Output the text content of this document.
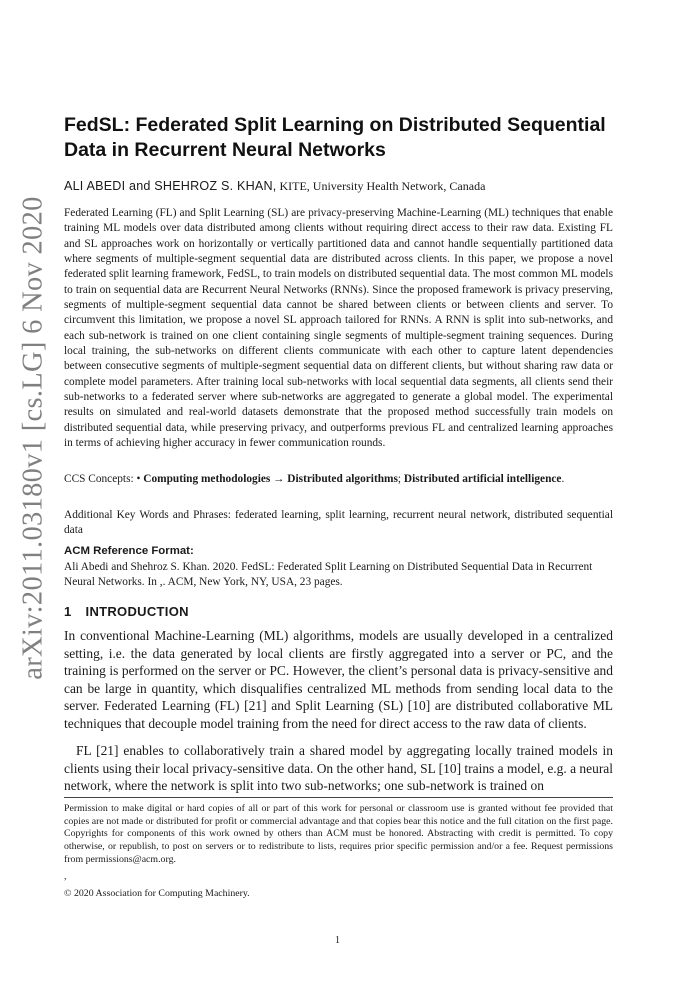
arXiv:2011.03180v1 [cs.LG] 6 Nov 2020
FedSL: Federated Split Learning on Distributed Sequential Data in Recurrent Neural Networks
ALI ABEDI and SHEHROZ S. KHAN, KITE, University Health Network, Canada

Federated Learning (FL) and Split Learning (SL) are privacy-preserving Machine-Learning (ML) techniques that enable training ML models over data distributed among clients without requiring direct access to their raw data. Existing FL and SL approaches work on horizontally or vertically partitioned data and cannot handle sequentially partitioned data where segments of multiple-segment sequential data are distributed across clients. In this paper, we propose a novel federated split learning framework, FedSL, to train models on distributed sequential data. The most common ML models to train on sequential data are Recurrent Neural Networks (RNNs). Since the proposed framework is privacy preserving, segments of multiple-segment sequential data cannot be shared between clients or between clients and server. To circumvent this limitation, we propose a novel SL approach tailored for RNNs. A RNN is split into sub-networks, and each sub-network is trained on one client containing single segments of multiple-segment training sequences. During local training, the sub-networks on different clients communicate with each other to capture latent dependencies between consecutive segments of multiple-segment sequential data on different clients, but without sharing raw data or complete model parameters. After training local sub-networks with local sequential data segments, all clients send their sub-networks to a federated server where sub-networks are aggregated to generate a global model. The experimental results on simulated and real-world datasets demonstrate that the proposed method successfully train models on distributed sequential data, while preserving privacy, and outperforms previous FL and centralized learning approaches in terms of achieving higher accuracy in fewer communication rounds.

CCS Concepts: • Computing methodologies → Distributed algorithms; Distributed artificial intelligence.

Additional Key Words and Phrases: federated learning, split learning, recurrent neural network, distributed sequential data

ACM Reference Format:

Ali Abedi and Shehroz S. Khan. 2020. FedSL: Federated Split Learning on Distributed Sequential Data in Recurrent Neural Networks. In ,. ACM, New York, NY, USA, 23 pages.

1 INTRODUCTION

In conventional Machine-Learning (ML) algorithms, models are usually developed in a centralized setting, i.e. the data generated by local clients are firstly aggregated into a server or PC, and the training is performed on the server or PC. However, the client’s personal data is privacy-sensitive and can be large in quantity, which disqualifies centralized ML methods from sending local data to the server. Federated Learning (FL) [21] and Split Learning (SL) [10] are distributed collaborative ML techniques that decouple model training from the need for direct access to the raw data of clients.

FL [21] enables to collaboratively train a shared model by aggregating locally trained models in clients using their local privacy-sensitive data. On the other hand, SL [10] trains a model, e.g. a neural network, where the network is split into two sub-networks; one sub-network is trained on

Permission to make digital or hard copies of all or part of this work for personal or classroom use is granted without fee provided that copies are not made or distributed for profit or commercial advantage and that copies bear this notice and the full citation on the first page. Copyrights for components of this work owned by others than ACM must be honored. Abstracting with credit is permitted. To copy otherwise, or republish, to post on servers or to redistribute to lists, requires prior specific permission and/or a fee. Request permissions from permissions@acm.org.

,

© 2020 Association for Computing Machinery.

1
